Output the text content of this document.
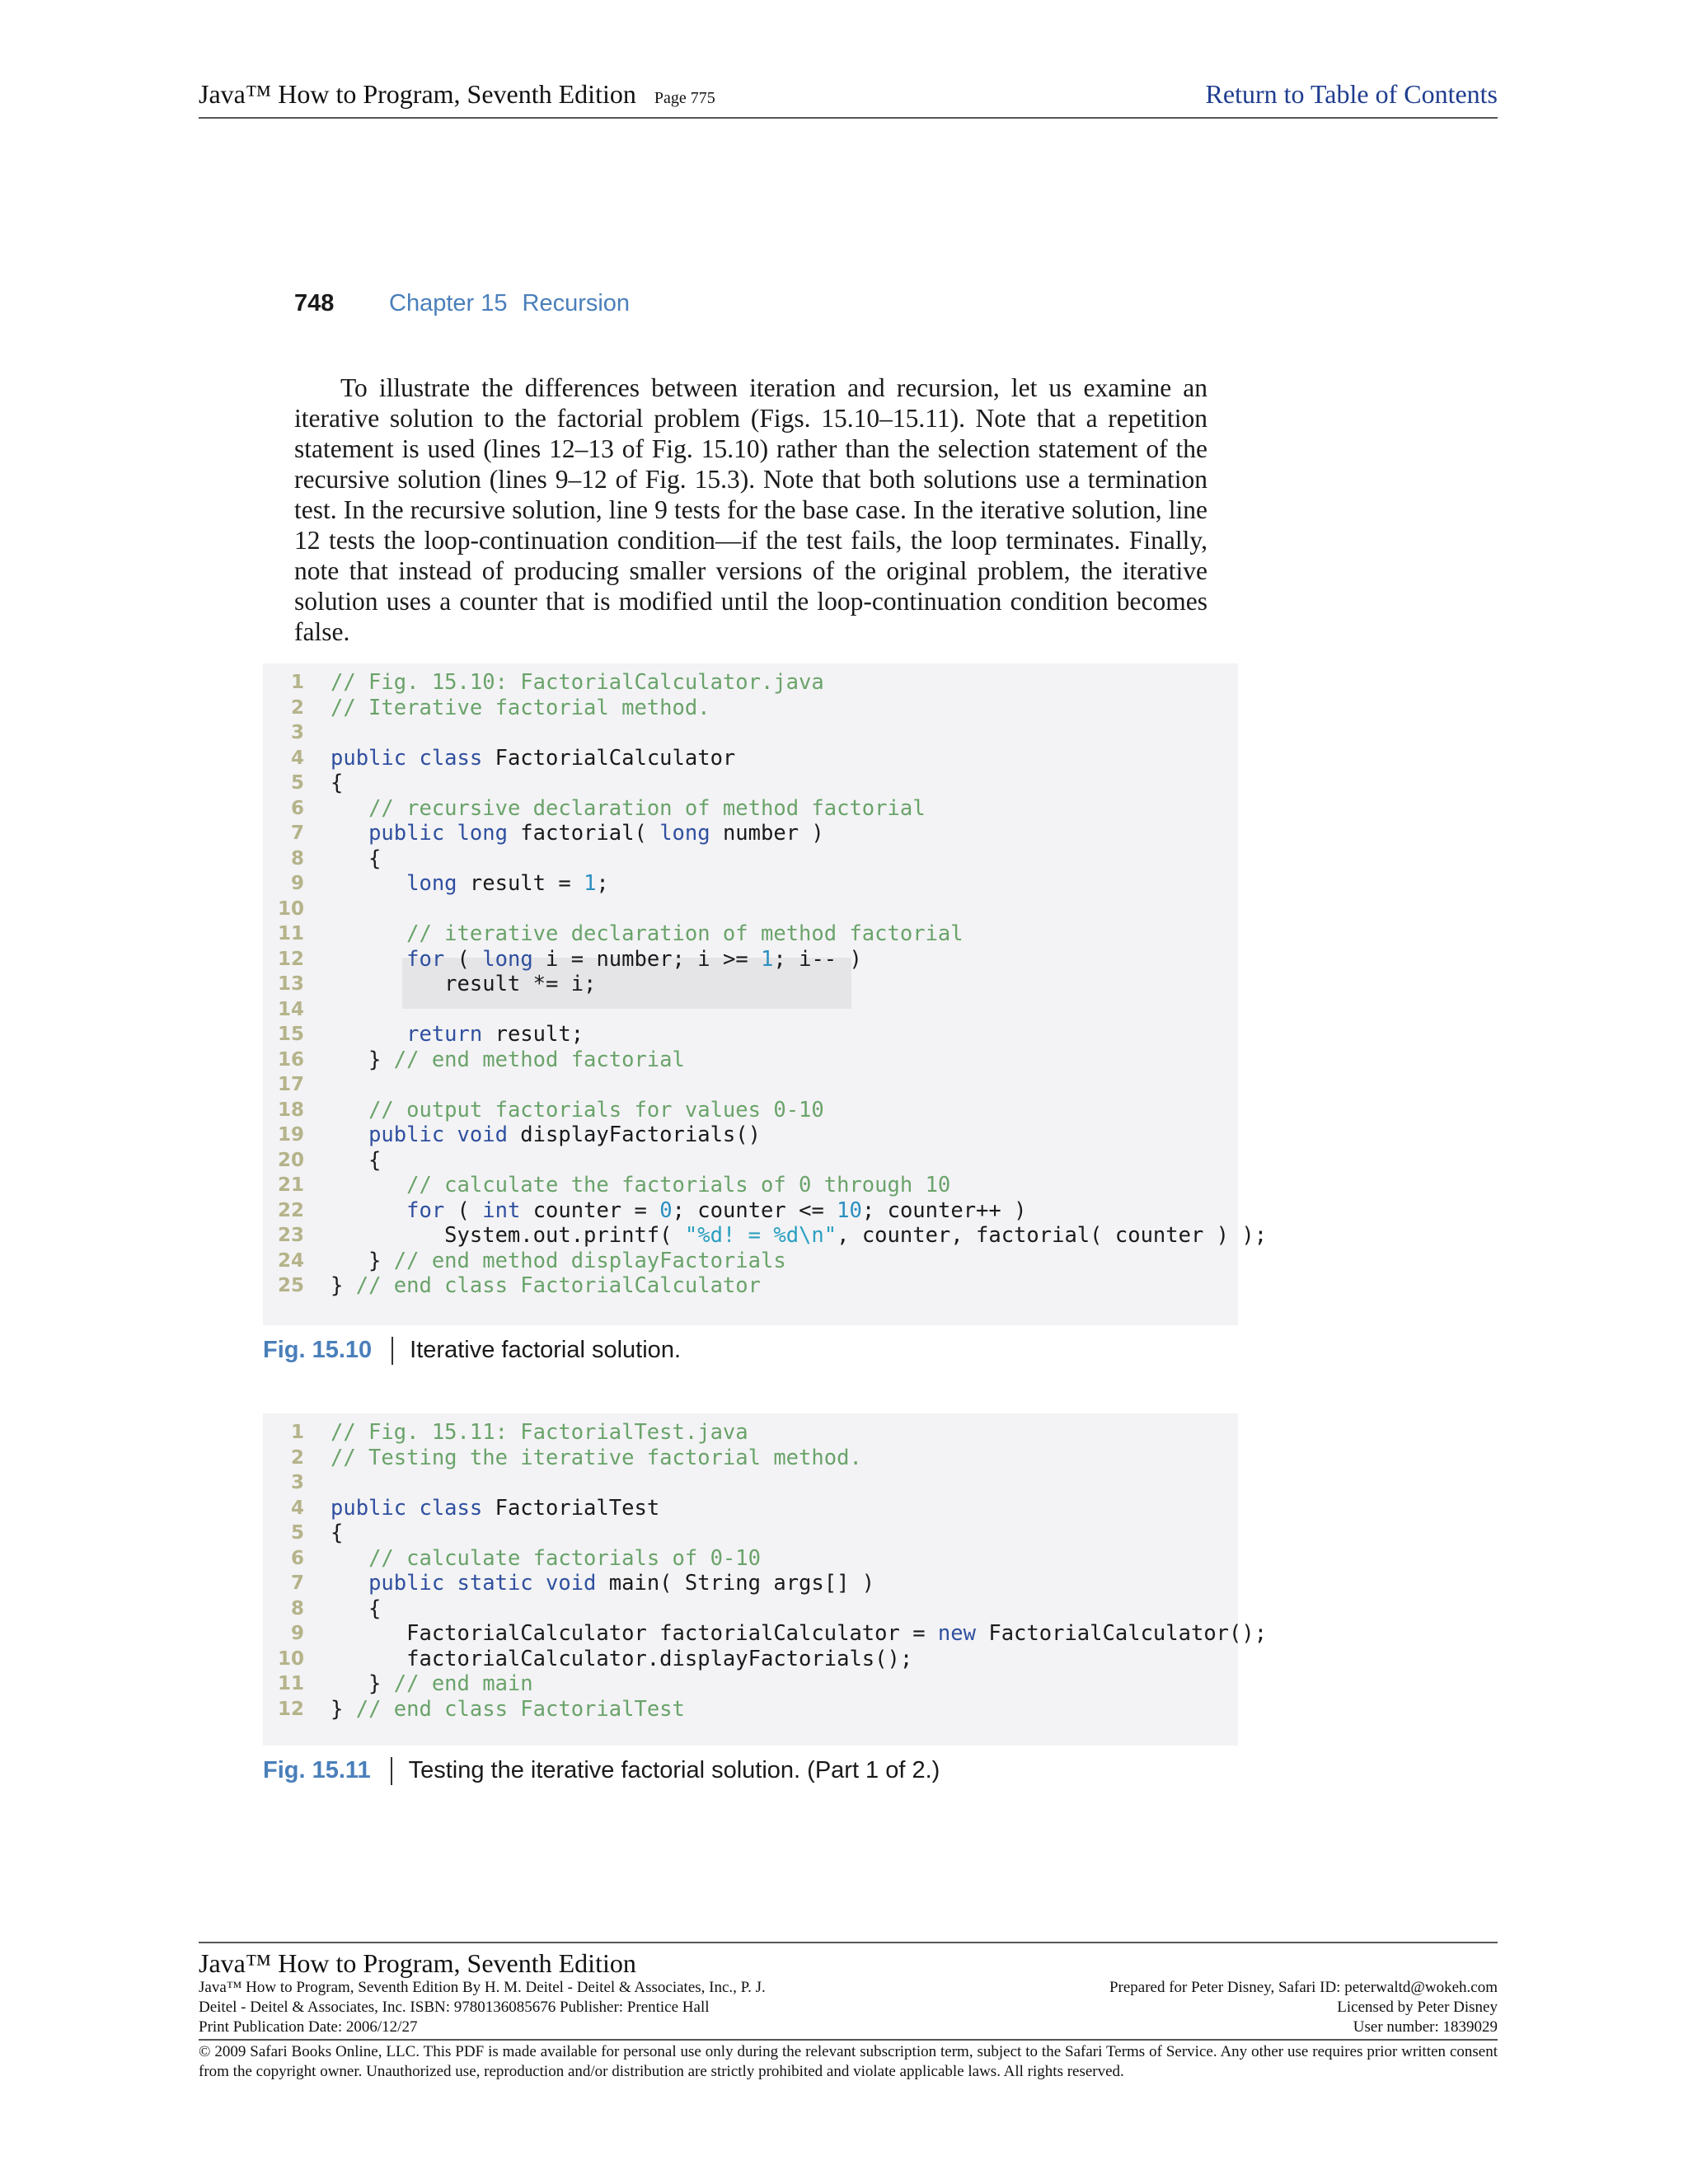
Java™ How to Program, Seventh Edition Page 775	Return to Table of Contents
748 Chapter 15 Recursion

To illustrate the differences between iteration and recursion, let us examine an iterative solution to the factorial problem (Figs. 15.10–15.11). Note that a repetition statement is used (lines 12–13 of Fig. 15.10) rather than the selection statement of the recursive solution (lines 9–12 of Fig. 15.3). Note that both solutions use a termination test. In the recursive solution, line 9 tests for the base case. In the iterative solution, line 12 tests the loop-continuation condition—if the test fails, the loop terminates. Finally, note that instead of producing smaller versions of the original problem, the iterative solution uses a counter that is modified until the loop-continuation condition becomes false.

1 // Fig. 15.10: FactorialCalculator.java
2 // Iterative factorial method.
3
4 public class FactorialCalculator
5 {
6	// recursive declaration of method factorial
7	public long factorial( long number )
8 {
9	long result = 1;
10
11	// iterative declaration of method factorial
12	for ( long i = number; i >= 1; i-- )
13 result *= i;
14
15	return result;
16 } // end method factorial
17
18	// output factorials for values 0-10
19	public void displayFactorials()
20 {
21	// calculate the factorials of 0 through 10
22	for ( int counter = 0; counter <= 10; counter++ )
23 System.out.printf( "%d! = %d\n", counter, factorial( counter ) );
24 } // end method displayFactorials
25 } // end class FactorialCalculator
Fig. 15.10 Iterative factorial solution.
1 // Fig. 15.11: FactorialTest.java
2 // Testing the iterative factorial method.
3
4 public class FactorialTest
5 {
6	// calculate factorials of 0-10
7	public static void main( String args[] )
8 {
9 FactorialCalculator factorialCalculator = new FactorialCalculator();
10 factorialCalculator.displayFactorials();
11 } // end main
12 } // end class FactorialTest
Fig. 15.11 Testing the iterative factorial solution. (Part 1 of 2.)
Java™ How to Program, Seventh Edition
Java™ How to Program, Seventh Edition By H. M. Deitel - Deitel & Associates, Inc., P. J.
Deitel - Deitel & Associates, Inc. ISBN: 9780136085676 Publisher: Prentice Hall
Print Publication Date: 2006/12/27
Prepared for Peter Disney, Safari ID: peterwaltd@wokeh.com
Licensed by Peter Disney
User number: 1839029
© 2009 Safari Books Online, LLC. This PDF is made available for personal use only during the relevant subscription term, subject to the Safari Terms of Service. Any other use requires prior written consent from the copyright owner. Unauthorized use, reproduction and/or distribution are strictly prohibited and violate applicable laws. All rights reserved.
